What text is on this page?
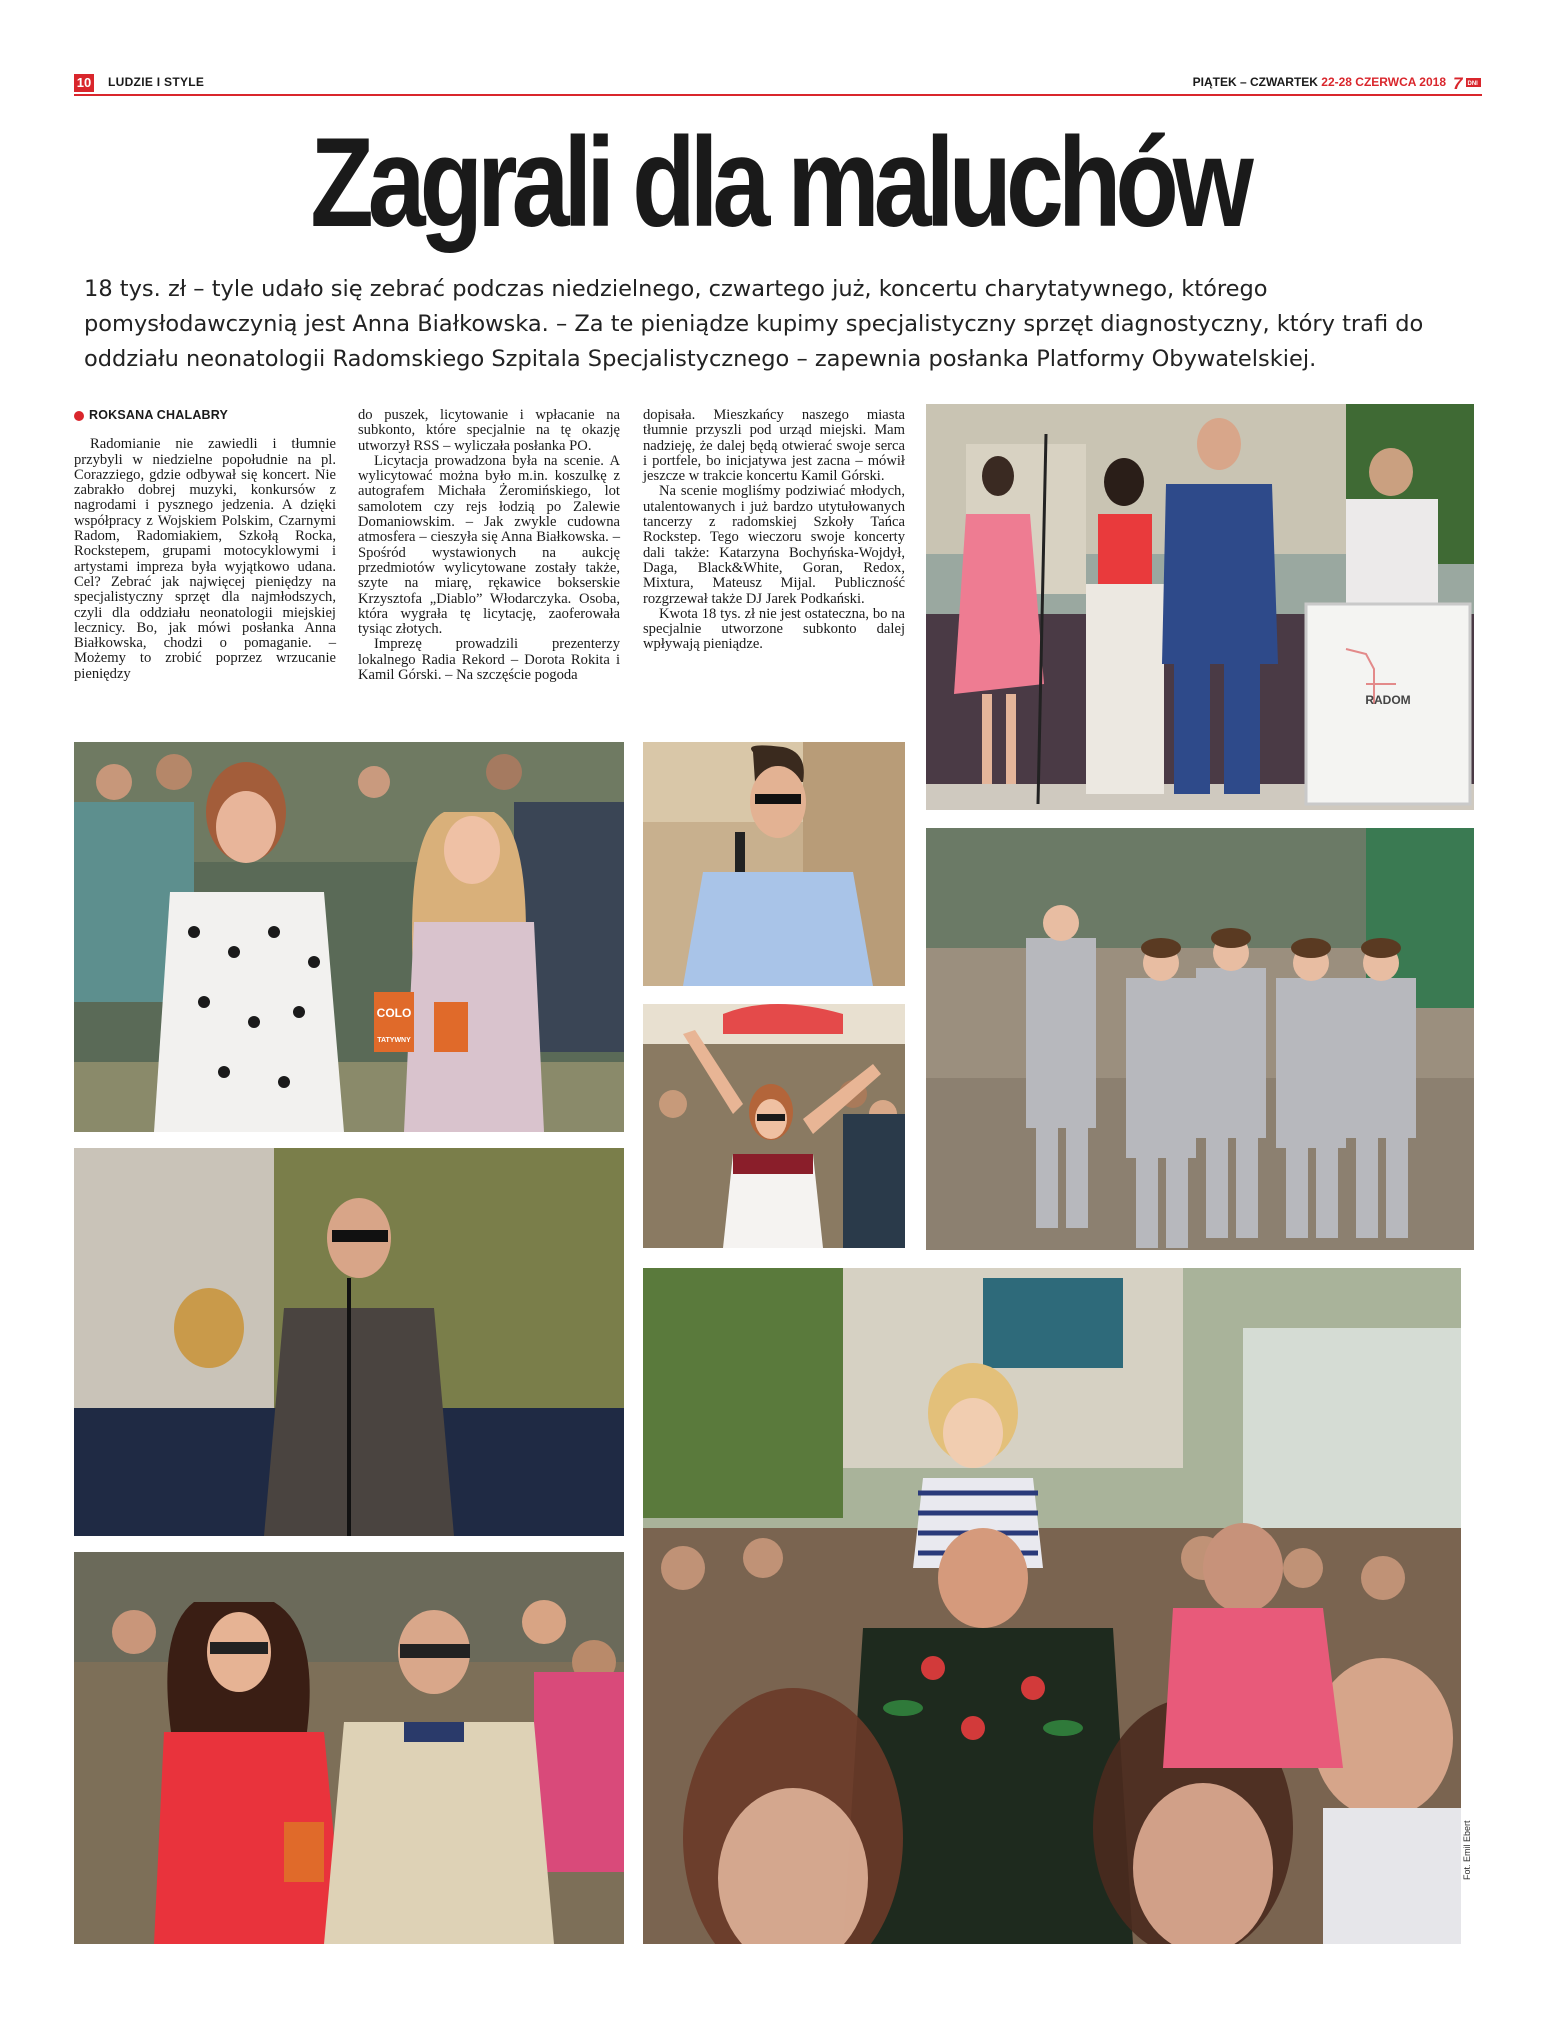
10 LUDZIE I STYLE	PIĄTEK – CZWARTEK 22-28 CZERWCA 2018 7 DNI
Zagrali dla maluchów
18 tys. zł – tyle udało się zebrać podczas niedzielnego, czwartego już, koncertu charytatywnego, którego pomysłodawczynią jest Anna Białkowska. – Za te pieniądze kupimy specjalistyczny sprzęt diagnostyczny, który trafi do oddziału neonatologii Radomskiego Szpitala Specjalistycznego – zapewnia posłanka Platformy Obywatelskiej.
ROKSANA CHALABRY

Radomianie nie zawiedli i tłumnie przybyli w niedzielne popołudnie na pl. Corazziego, gdzie odbywał się koncert. Nie zabrakło dobrej muzyki, konkursów z nagrodami i pysznego jedzenia. A dzięki współpracy z Wojskiem Polskim, Czarnymi Radom, Radomiakiem, Szkołą Rocka, Rockstepem, grupami motocyklowymi i artystami impreza była wyjątkowo udana. Cel? Zebrać jak najwięcej pieniędzy na specjalistyczny sprzęt dla najmłodszych, czyli dla oddziału neonatologii miejskiej lecznicy. Bo, jak mówi posłanka Anna Białkowska, chodzi o pomaganie. – Możemy to zrobić poprzez wrzucanie pieniędzy

do puszek, licytowanie i wpłacanie na subkonto, które specjalnie na tę okazję utworzył RSS – wyliczała posłanka PO.

Licytacja prowadzona była na scenie. A wylicytować można było m.in. koszulkę z autografem Michała Żeromińskiego, lot samolotem czy rejs łodzią po Zalewie Domaniowskim. – Jak zwykle cudowna atmosfera – cieszyła się Anna Białkowska. – Spośród wystawionych na aukcję przedmiotów wylicytowane zostały także, szyte na miarę, rękawice bokserskie Krzysztofa „Diablo” Włodarczyka. Osoba, która wygrała tę licytację, zaoferowała tysiąc złotych.

Imprezę prowadzili prezenterzy lokalnego Radia Rekord – Dorota Rokita i Kamil Górski. – Na szczęście pogoda

dopisała. Mieszkańcy naszego miasta tłumnie przyszli pod urząd miejski. Mam nadzieję, że dalej będą otwierać swoje serca i portfele, bo inicjatywa jest zacna – mówił jeszcze w trakcie koncertu Kamil Górski.

Na scenie mogliśmy podziwiać młodych, utalentowanych i już bardzo utytułowanych tancerzy z radomskiej Szkoły Tańca Rockstep. Tego wieczoru swoje koncerty dali także: Katarzyna Bochyńska-Wojdył, Daga, Black&White, Goran, Redox, Mixtura, Mateusz Mijal. Publiczność rozgrzewał także DJ Jarek Podkański.

Kwota 18 tys. zł nie jest ostateczna, bo na specjalnie utworzone subkonto dalej wpływają pieniądze.

RADOM
COLO
TATYWNY
Fot. Emil Ebert
